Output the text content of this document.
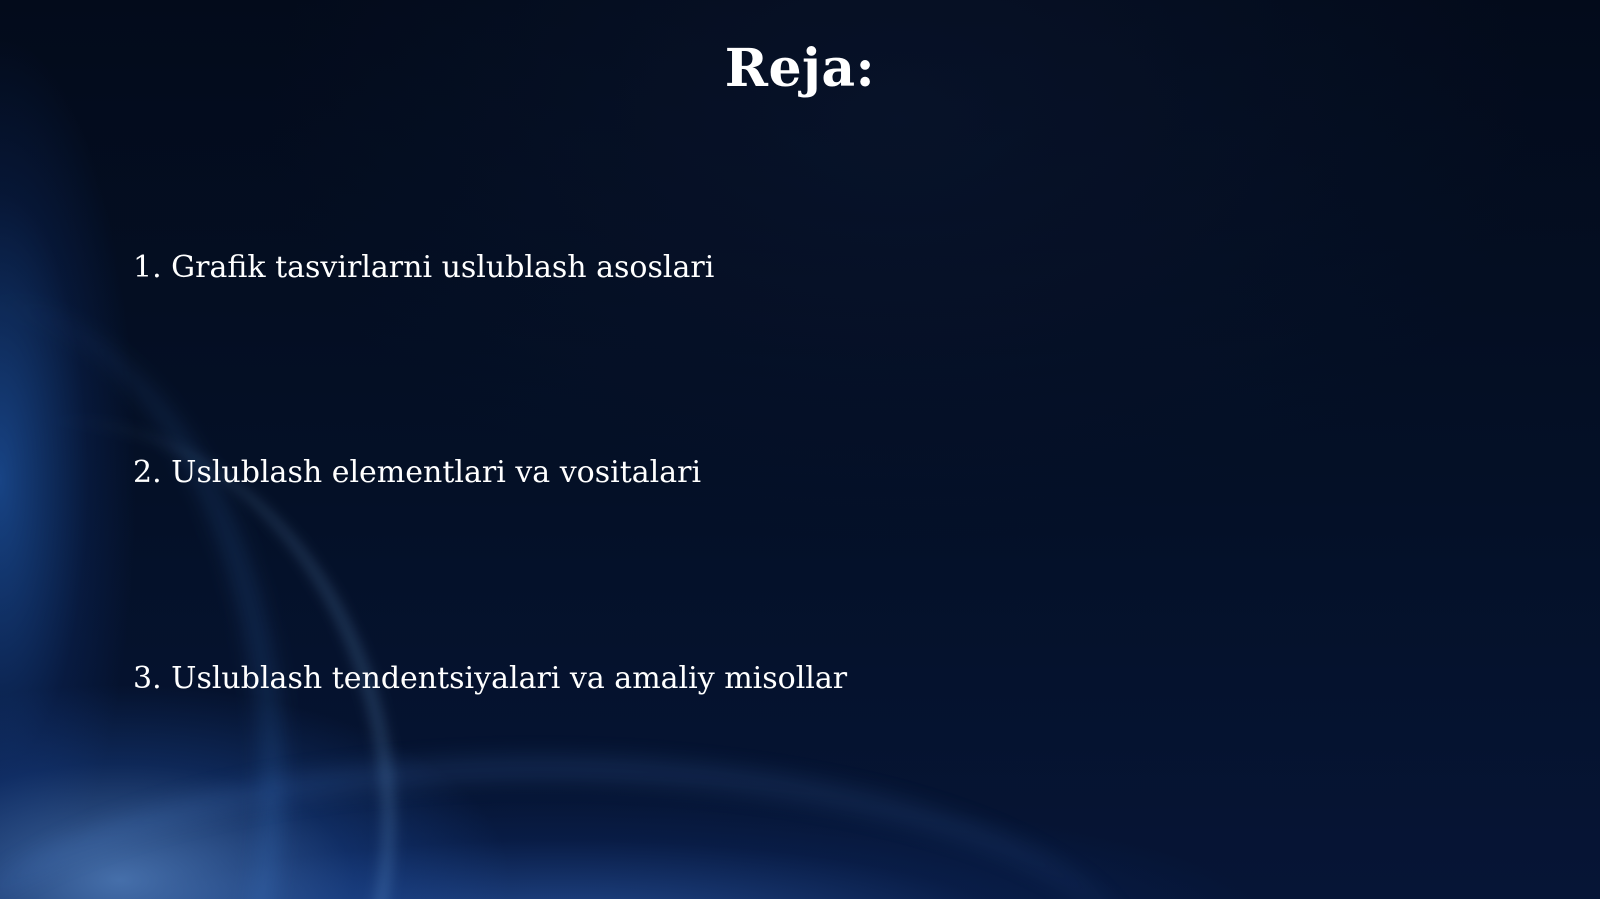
Reja:
1. Grafik tasvirlarni uslublash asoslari
2. Uslublash elementlari va vositalari
3. Uslublash tendentsiyalari va amaliy misollar
